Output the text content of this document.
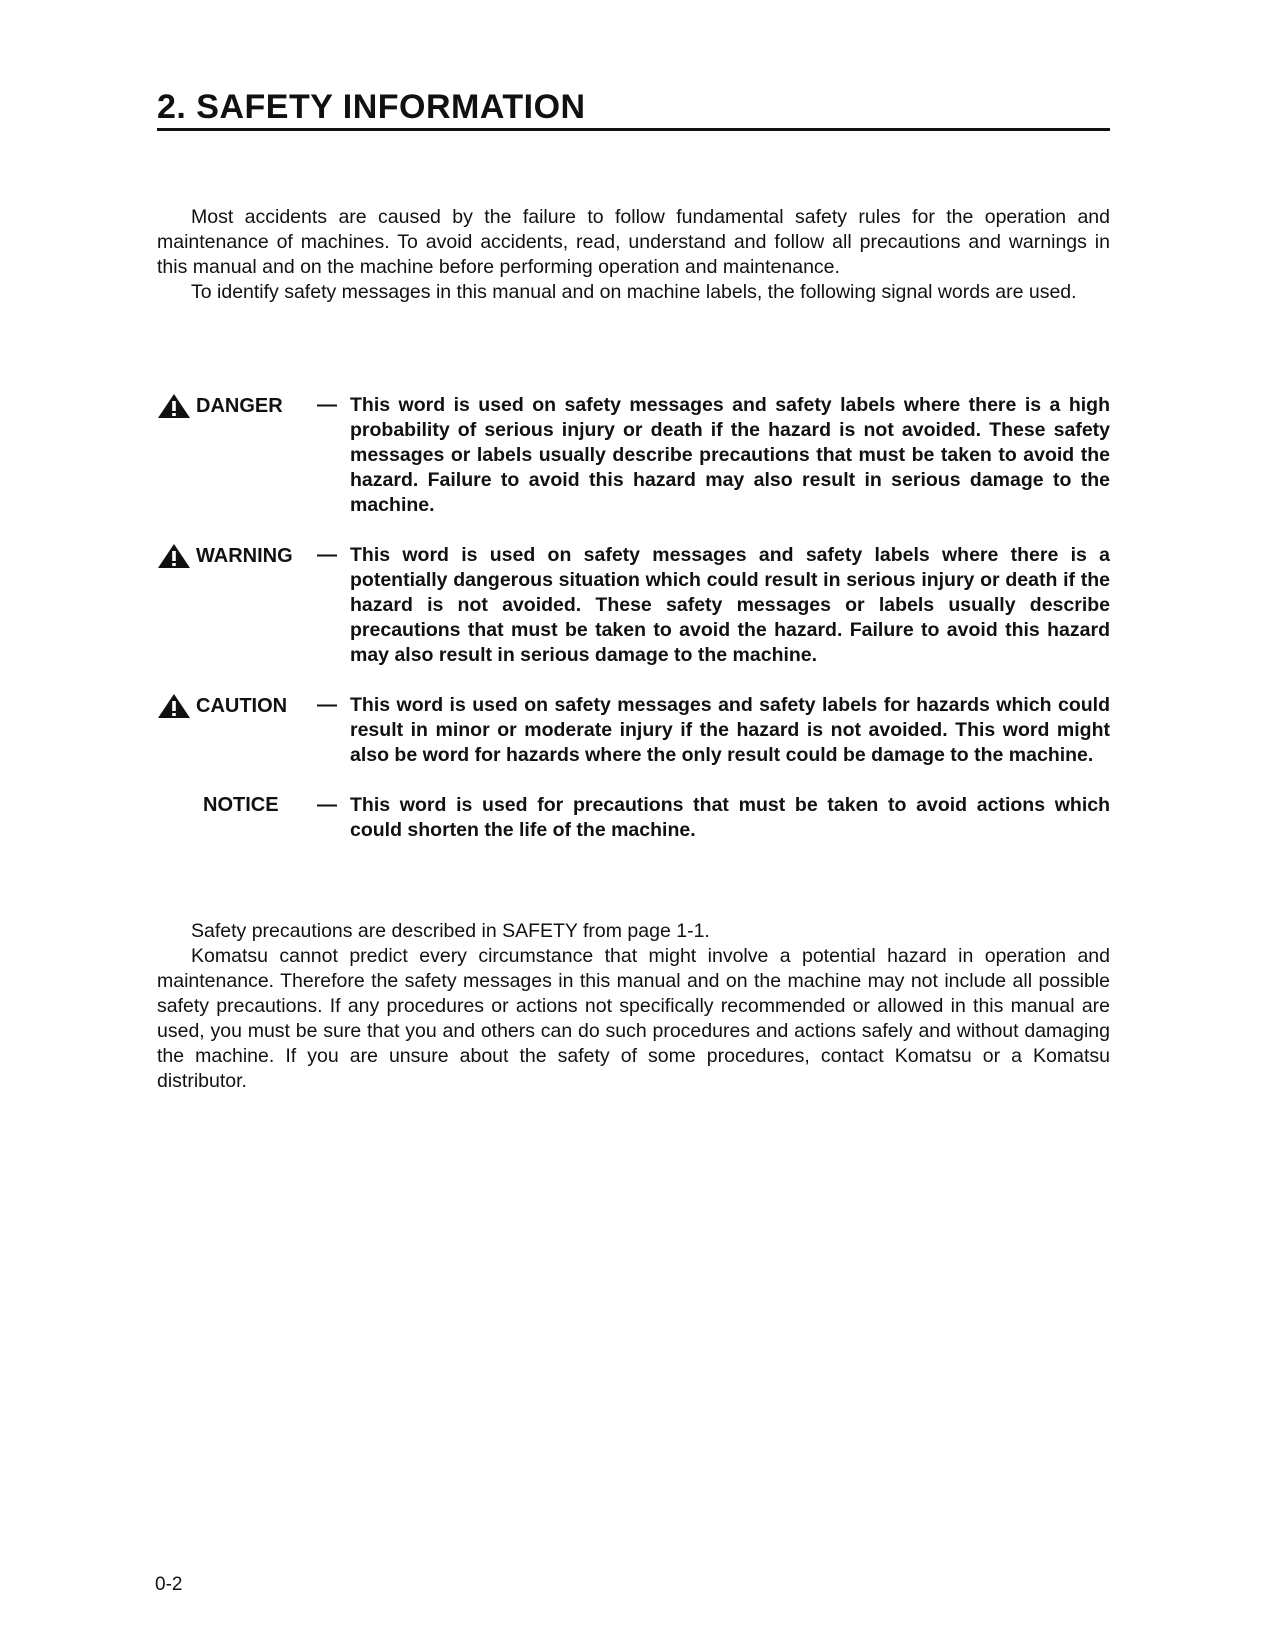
2. SAFETY INFORMATION

Most accidents are caused by the failure to follow fundamental safety rules for the operation and maintenance of machines. To avoid accidents, read, understand and follow all precautions and warnings in this manual and on the machine before performing operation and maintenance.

To identify safety messages in this manual and on machine labels, the following signal words are used.

DANGER — This word is used on safety messages and safety labels where there is a high probability of serious injury or death if the hazard is not avoided. These safety messages or labels usually describe precautions that must be taken to avoid the hazard. Failure to avoid this hazard may also result in serious damage to the machine.
WARNING — This word is used on safety messages and safety labels where there is a potentially dangerous situation which could result in serious injury or death if the hazard is not avoided. These safety messages or labels usually describe precautions that must be taken to avoid the hazard. Failure to avoid this hazard may also result in serious damage to the machine.
CAUTION — This word is used on safety messages and safety labels for hazards which could result in minor or moderate injury if the hazard is not avoided. This word might also be word for hazards where the only result could be damage to the machine.
NOTICE — This word is used for precautions that must be taken to avoid actions which could shorten the life of the machine.

Safety precautions are described in SAFETY from page 1-1.

Komatsu cannot predict every circumstance that might involve a potential hazard in operation and maintenance. Therefore the safety messages in this manual and on the machine may not include all possible safety precautions. If any procedures or actions not specifically recommended or allowed in this manual are used, you must be sure that you and others can do such procedures and actions safely and without damaging the machine. If you are unsure about the safety of some procedures, contact Komatsu or a Komatsu distributor.

0-2
